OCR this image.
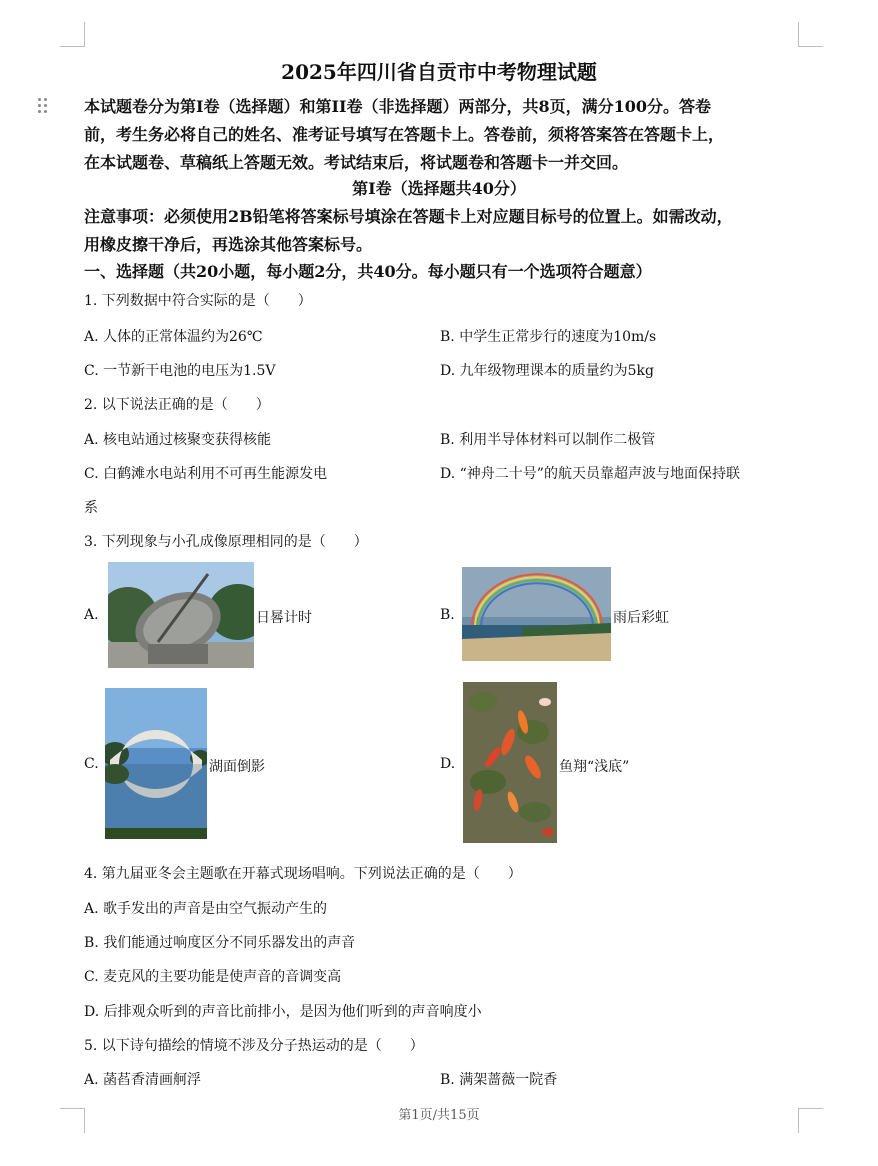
2025年四川省自贡市中考物理试题
本试题卷分为第I卷（选择题）和第II卷（非选择题）两部分，共8页，满分100分。答卷
前，考生务必将自己的姓名、准考证号填写在答题卡上。答卷前，须将答案答在答题卡上，
在本试题卷、草稿纸上答题无效。考试结束后，将试题卷和答题卡一并交回。
第I卷（选择题共40分）
注意事项：必须使用2B铅笔将答案标号填涂在答题卡上对应题目标号的位置上。如需改动，
用橡皮擦干净后，再选涂其他答案标号。
一、选择题（共20小题，每小题2分，共40分。每小题只有一个选项符合题意）
1. 下列数据中符合实际的是（　　）
A. 人体的正常体温约为26℃	B. 中学生正常步行的速度为10m/s
C. 一节新干电池的电压为1.5V	D. 九年级物理课本的质量约为5kg
2. 以下说法正确的是（　　）
A. 核电站通过核聚变获得核能	B. 利用半导体材料可以制作二极管
C. 白鹤滩水电站利用不可再生能源发电	D. “神舟二十号”的航天员靠超声波与地面保持联
系
3. 下列现象与小孔成像原理相同的是（　　）
A.	日晷计时	B.	雨后彩虹
C.	湖面倒影	D.	鱼翔“浅底”
4. 第九届亚冬会主题歌在开幕式现场唱响。下列说法正确的是（　　）
A. 歌手发出的声音是由空气振动产生的
B. 我们能通过响度区分不同乐器发出的声音
C. 麦克风的主要功能是使声音的音调变高
D. 后排观众听到的声音比前排小，是因为他们听到的声音响度小
5. 以下诗句描绘的情境不涉及分子热运动的是（　　）
A. 菡萏香清画舸浮	B. 满架蔷薇一院香
第1页/共15页
